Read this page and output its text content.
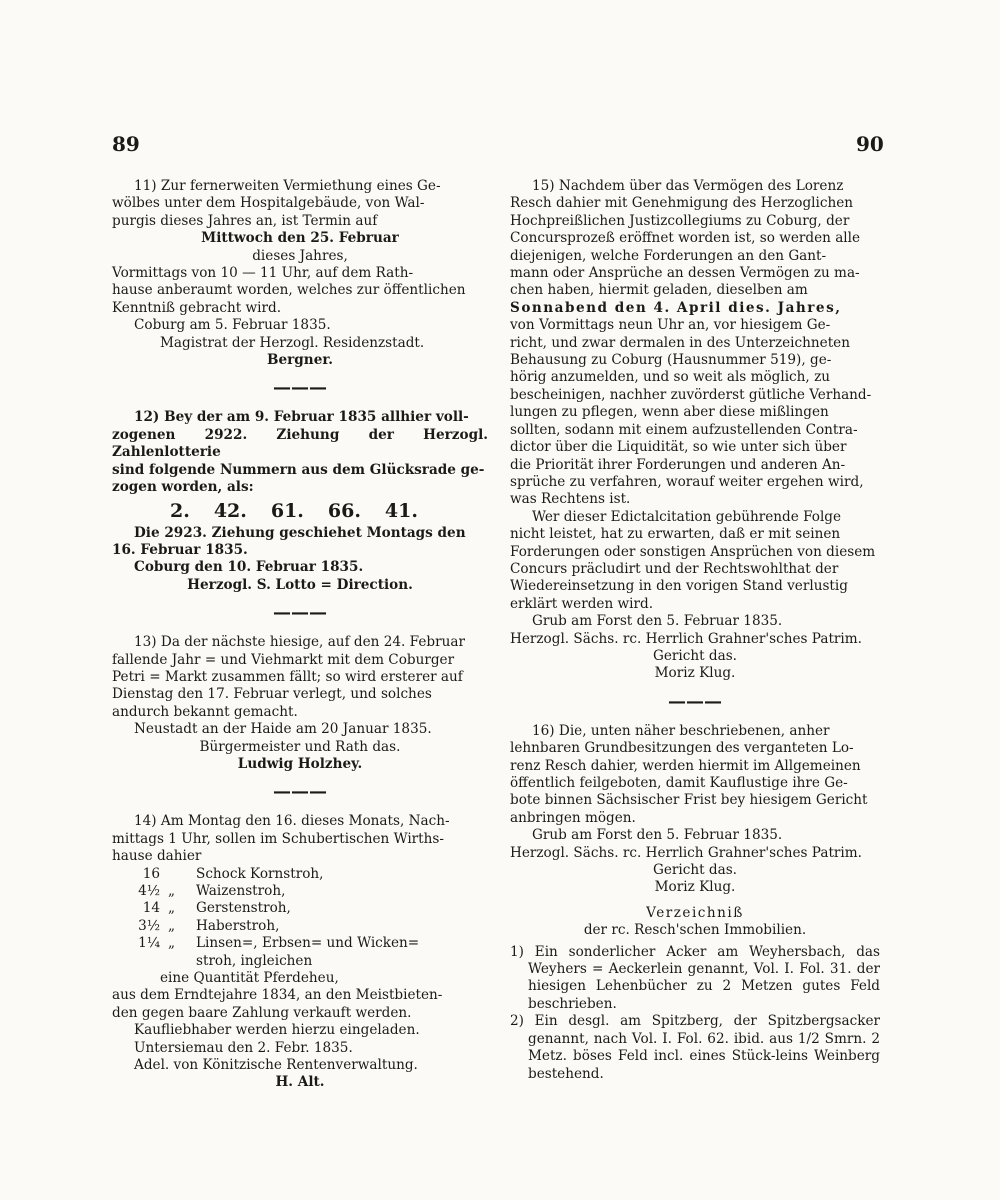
89	90

11) Zur fernerweiten Vermiethung eines Ge-

wölbes unter dem Hospitalgebäude, von Wal-

purgis dieses Jahres an, ist Termin auf

Mittwoch den 25. Februar

dieses Jahres,

Vormittags von 10 — 11 Uhr, auf dem Rath-

hause anberaumt worden, welches zur öffentlichen

Kenntniß gebracht wird.

Coburg am 5. Februar 1835.

Magistrat der Herzogl. Residenzstadt.

Bergner.

———

12) Bey der am 9. Februar 1835 allhier voll-

zogenen 2922. Ziehung der Herzogl. Zahlenlotterie

sind folgende Nummern aus dem Glücksrade ge-

zogen worden, als:

2. 42. 61. 66. 41.

Die 2923. Ziehung geschiehet Montags den

16. Februar 1835.

Coburg den 10. Februar 1835.

Herzogl. S. Lotto = Direction.

———

13) Da der nächste hiesige, auf den 24. Februar

fallende Jahr = und Viehmarkt mit dem Coburger

Petri = Markt zusammen fällt; so wird ersterer auf

Dienstag den 17. Februar verlegt, und solches

andurch bekannt gemacht.

Neustadt an der Haide am 20 Januar 1835.

Bürgermeister und Rath das.

Ludwig Holzhey.

———

14) Am Montag den 16. dieses Monats, Nach-

mittags 1 Uhr, sollen im Schubertischen Wirths-

hause dahier

16	Schock Kornstroh,
4½ „	Waizenstroh,
14 „	Gerstenstroh,
3½ „	Haberstroh,
1¼ „	Linsen=, Erbsen= und Wicken=

stroh, ingleichen

eine Quantität Pferdeheu,

aus dem Erndtejahre 1834, an den Meistbieten-

den gegen baare Zahlung verkauft werden.

Kaufliebhaber werden hierzu eingeladen.

Untersiemau den 2. Febr. 1835.

Adel. von Könitzische Rentenverwaltung.

H. Alt.

15) Nachdem über das Vermögen des Lorenz

Resch dahier mit Genehmigung des Herzoglichen

Hochpreißlichen Justizcollegiums zu Coburg, der

Concursprozeß eröffnet worden ist, so werden alle

diejenigen, welche Forderungen an den Gant-

mann oder Ansprüche an dessen Vermögen zu ma-

chen haben, hiermit geladen, dieselben am

Sonnabend den 4. April dies. Jahres,

von Vormittags neun Uhr an, vor hiesigem Ge-

richt, und zwar dermalen in des Unterzeichneten

Behausung zu Coburg (Hausnummer 519), ge-

hörig anzumelden, und so weit als möglich, zu

bescheinigen, nachher zuvörderst gütliche Verhand-

lungen zu pflegen, wenn aber diese mißlingen

sollten, sodann mit einem aufzustellenden Contra-

dictor über die Liquidität, so wie unter sich über

die Priorität ihrer Forderungen und anderen An-

sprüche zu verfahren, worauf weiter ergehen wird,

was Rechtens ist.

Wer dieser Edictalcitation gebührende Folge

nicht leistet, hat zu erwarten, daß er mit seinen

Forderungen oder sonstigen Ansprüchen von diesem

Concurs präcludirt und der Rechtswohlthat der

Wiedereinsetzung in den vorigen Stand verlustig

erklärt werden wird.

Grub am Forst den 5. Februar 1835.

Herzogl. Sächs. rc. Herrlich Grahner'sches Patrim.

Gericht das.

Moriz Klug.

———

16) Die, unten näher beschriebenen, anher

lehnbaren Grundbesitzungen des verganteten Lo-

renz Resch dahier, werden hiermit im Allgemeinen

öffentlich feilgeboten, damit Kauflustige ihre Ge-

bote binnen Sächsischer Frist bey hiesigem Gericht

anbringen mögen.

Grub am Forst den 5. Februar 1835.

Herzogl. Sächs. rc. Herrlich Grahner'sches Patrim.

Gericht das.

Moriz Klug.

Verzeichniß

der rc. Resch'schen Immobilien.

1) Ein sonderlicher Acker am Weyhersbach, das Weyhers = Aeckerlein genannt, Vol. I. Fol. 31. der hiesigen Lehenbücher zu 2 Metzen gutes Feld beschrieben.

2) Ein desgl. am Spitzberg, der Spitzbergsacker genannt, nach Vol. I. Fol. 62. ibid. aus 1/2 Smrn. 2 Metz. böses Feld incl. eines Stück-leins Weinberg bestehend.
